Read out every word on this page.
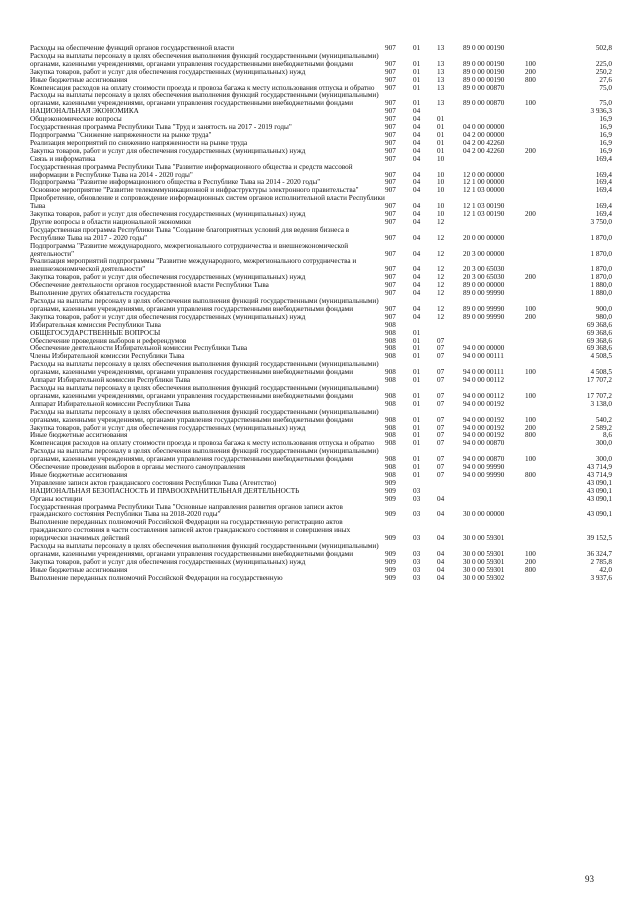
Расходы на обеспечение функций органов государственной власти	907	01	13	89 0 00 00190		502,8
Расходы на выплаты персоналу в целях обеспечения выполнения функций государственными (муниципальными) органами, казенными учреждениями, органами управления государственными внебюджетными фондами	907	01	13	89 0 00 00190	100	225,0
Закупка товаров, работ и услуг для обеспечения государственных (муниципальных) нужд	907	01	13	89 0 00 00190	200	250,2
Иные бюджетные ассигнования	907	01	13	89 0 00 00190	800	27,6
Компенсация расходов на оплату стоимости проезда и провоза багажа к месту использования отпуска и обратно	907	01	13	89 0 00 00870		75,0
Расходы на выплаты персоналу в целях обеспечения выполнения функций государственными (муниципальными) органами, казенными учреждениями, органами управления государственными внебюджетными фондами	907	01	13	89 0 00 00870	100	75,0
НАЦИОНАЛЬНАЯ ЭКОНОМИКА	907	04				3 936,3
Общеэкономические вопросы	907	04	01			16,9
Государственная программа Республики Тыва "Труд и занятость на 2017 - 2019 годы"	907	04	01	04 0 00 00000		16,9
Подпрограмма "Снижение напряженности на рынке труда"	907	04	01	04 2 00 00000		16,9
Реализация мероприятий по снижению напряженности на рынке труда	907	04	01	04 2 00 42260		16,9
Закупка товаров, работ и услуг для обеспечения государственных (муниципальных) нужд	907	04	01	04 2 00 42260	200	16,9
Связь и информатика	907	04	10			169,4
Государственная программа Республики Тыва "Развитие информационного общества и средств массовой информации в Республике Тыва на 2014 - 2020 годы"	907	04	10	12 0 00 00000		169,4
Подпрограмма "Развитие информационного общества в Республике Тыва на 2014 - 2020 годы"	907	04	10	12 1 00 00000		169,4
Основное мероприятие "Развитие телекоммуникационной и инфраструктуры электронного правительства"	907	04	10	12 1 03 00000		169,4
Приобретение, обновление и сопровождение информационных систем органов исполнительной власти Республики Тыва	907	04	10	12 1 03 00190		169,4
Закупка товаров, работ и услуг для обеспечения государственных (муниципальных) нужд	907	04	10	12 1 03 00190	200	169,4
Другие вопросы в области национальной экономики	907	04	12			3 750,0
Государственная программа Республики Тыва "Создание благоприятных условий для ведения бизнеса в Республике Тыва на 2017 - 2020 годы"	907	04	12	20 0 00 00000		1 870,0
Подпрограмма "Развитие международного, межрегионального сотрудничества и внешнеэкономической деятельности"	907	04	12	20 3 00 00000		1 870,0
Реализация мероприятий подпрограммы "Развитие международного, межрегионального сотрудничества и внешнеэкономической деятельности"	907	04	12	20 3 00 65030		1 870,0
Закупка товаров, работ и услуг для обеспечения государственных (муниципальных) нужд	907	04	12	20 3 00 65030	200	1 870,0
Обеспечение деятельности органов государственной власти Республики Тыва	907	04	12	89 0 00 00000		1 880,0
Выполнение других обязательств государства	907	04	12	89 0 00 99990		1 880,0
Расходы на выплаты персоналу в целях обеспечения выполнения функций государственными (муниципальными) органами, казенными учреждениями, органами управления государственными внебюджетными фондами	907	04	12	89 0 00 99990	100	900,0
Закупка товаров, работ и услуг для обеспечения государственных (муниципальных) нужд	907	04	12	89 0 00 99990	200	980,0
Избирательная комиссия Республики Тыва	908					69 368,6
ОБЩЕГОСУДАРСТВЕННЫЕ ВОПРОСЫ	908	01				69 368,6
Обеспечение проведения выборов и референдумов	908	01	07			69 368,6
Обеспечение деятельности Избирательной комиссии Республики Тыва	908	01	07	94 0 00 00000		69 368,6
Члены Избирательной комиссии Республики Тыва	908	01	07	94 0 00 00111		4 508,5
Расходы на выплаты персоналу в целях обеспечения выполнения функций государственными (муниципальными) органами, казенными учреждениями, органами управления государственными внебюджетными фондами	908	01	07	94 0 00 00111	100	4 508,5
Аппарат Избирательной комиссии Республики Тыва	908	01	07	94 0 00 00112		17 707,2
Расходы на выплаты персоналу в целях обеспечения выполнения функций государственными (муниципальными) органами, казенными учреждениями, органами управления государственными внебюджетными фондами	908	01	07	94 0 00 00112	100	17 707,2
Аппарат Избирательной комиссии Республики Тыва	908	01	07	94 0 00 00192		3 138,0
Расходы на выплаты персоналу в целях обеспечения выполнения функций государственными (муниципальными) органами, казенными учреждениями, органами управления государственными внебюджетными фондами	908	01	07	94 0 00 00192	100	540,2
Закупка товаров, работ и услуг для обеспечения государственных (муниципальных) нужд	908	01	07	94 0 00 00192	200	2 589,2
Иные бюджетные ассигнования	908	01	07	94 0 00 00192	800	8,6
Компенсация расходов на оплату стоимости проезда и провоза багажа к месту использования отпуска и обратно	908	01	07	94 0 00 00870		300,0
Расходы на выплаты персоналу в целях обеспечения выполнения функций государственными (муниципальными) органами, казенными учреждениями, органами управления государственными внебюджетными фондами	908	01	07	94 0 00 00870	100	300,0
Обеспечение проведения выборов в органы местного самоуправления	908	01	07	94 0 00 99990		43 714,9
Иные бюджетные ассигнования	908	01	07	94 0 00 99990	800	43 714,9
Управление записи актов гражданского состояния Республики Тыва (Агентство)	909					43 090,1
НАЦИОНАЛЬНАЯ БЕЗОПАСНОСТЬ И ПРАВООХРАНИТЕЛЬНАЯ ДЕЯТЕЛЬНОСТЬ	909	03				43 090,1
Органы юстиции	909	03	04			43 090,1
Государственная программа Республики Тыва "Основные направления развития органов записи актов гражданского состояния Республики Тыва на 2018-2020 годы"	909	03	04	30 0 00 00000		43 090,1
Выполнение переданных полномочий Российской Федерации на государственную регистрацию актов гражданского состояния в части составления записей актов гражданского состояния и совершения иных юридически значимых действий	909	03	04	30 0 00 59301		39 152,5
Расходы на выплаты персоналу в целях обеспечения выполнения функций государственными (муниципальными) органами, казенными учреждениями, органами управления государственными внебюджетными фондами	909	03	04	30 0 00 59301	100	36 324,7
Закупка товаров, работ и услуг для обеспечения государственных (муниципальных) нужд	909	03	04	30 0 00 59301	200	2 785,8
Иные бюджетные ассигнования	909	03	04	30 0 00 59301	800	42,0
Выполнение переданных полномочий Российской Федерации на государственную	909	03	04	30 0 00 59302		3 937,6
93
